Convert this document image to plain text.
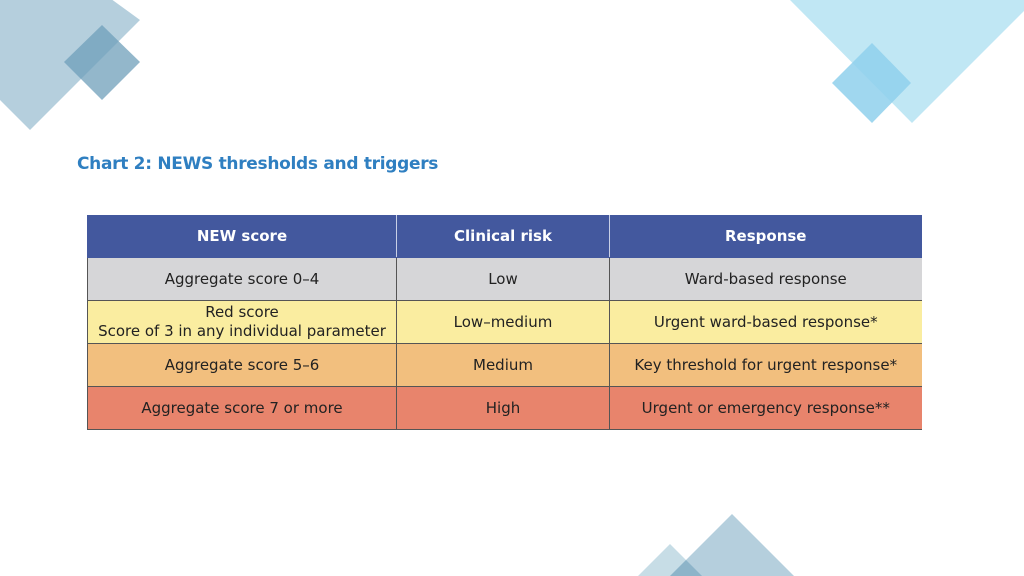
Chart 2: NEWS thresholds and triggers
NEW score	Clinical risk	Response

Aggregate score 0–4	Low	Ward-based response

Red score
Score of 3 in any individual parameter	Low–medium	Urgent ward-based response*

Aggregate score 5–6	Medium	Key threshold for urgent response*

Aggregate score 7 or more	High	Urgent or emergency response**
